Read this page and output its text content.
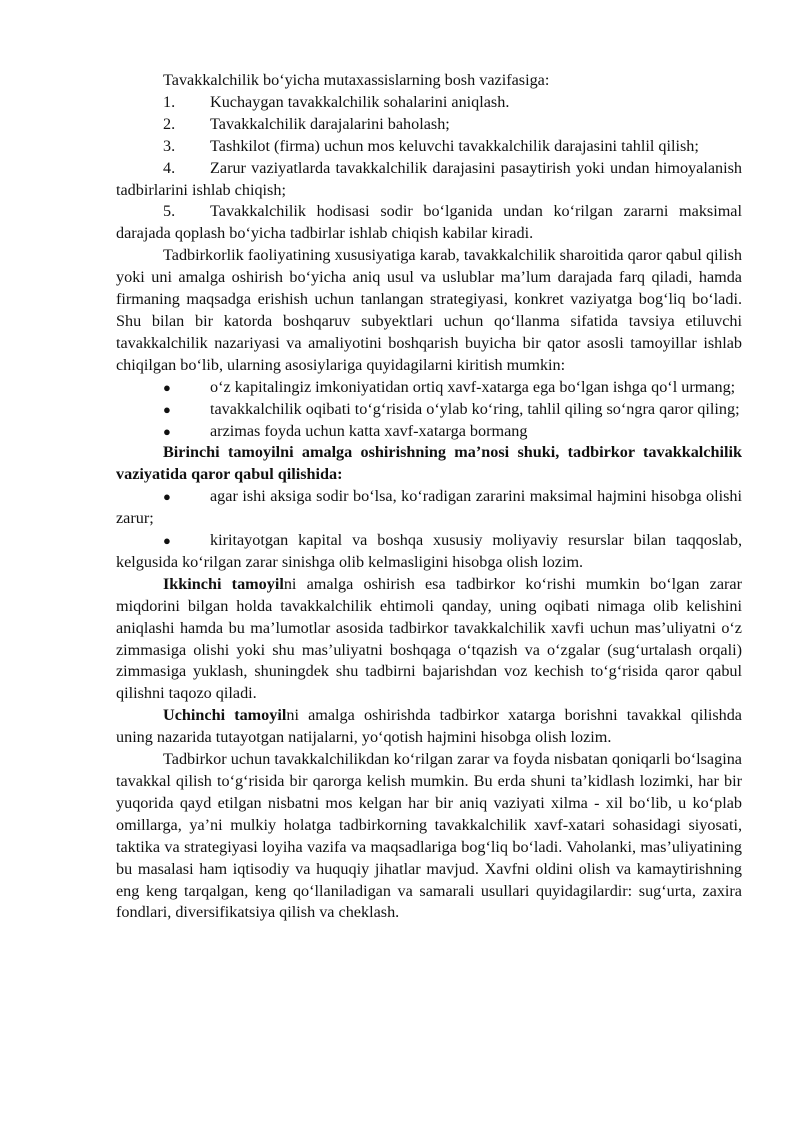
Tavakkalchilik bo‘yicha mutaxassislarning bosh vazifasiga:

1. Kuchaygan tavakkalchilik sohalarini aniqlash.

2. Tavakkalchilik darajalarini baholash;

3. Tashkilot (firma) uchun mos keluvchi tavakkalchilik darajasini tahlil qilish;

4. Zarur vaziyatlarda tavakkalchilik darajasini pasaytirish yoki undan himoyalanish tadbirlarini ishlab chiqish;

5. Tavakkalchilik hodisasi sodir bo‘lganida undan ko‘rilgan zararni maksimal darajada qoplash bo‘yicha tadbirlar ishlab chiqish kabilar kiradi.

Tadbirkorlik faoliyatining xususiyatiga karab, tavakkalchilik sharoitida qaror qabul qilish yoki uni amalga oshirish bo‘yicha aniq usul va uslublar ma’lum darajada farq qiladi, hamda firmaning maqsadga erishish uchun tanlangan strategiyasi, konkret vaziyatga bog‘liq bo‘ladi. Shu bilan bir katorda boshqaruv subyektlari uchun qo‘llanma sifatida tavsiya etiluvchi tavakkalchilik nazariyasi va amaliyotini boshqarish buyicha bir qator asosli tamoyillar ishlab chiqilgan bo‘lib, ularning asosiylariga quyidagilarni kiritish mumkin:

● o‘z kapitalingiz imkoniyatidan ortiq xavf-xatarga ega bo‘lgan ishga qo‘l urmang;

● tavakkalchilik oqibati to‘g‘risida o‘ylab ko‘ring, tahlil qiling so‘ngra qaror qiling;

● arzimas foyda uchun katta xavf-xatarga bormang

Birinchi tamoyilni amalga oshirishning ma’nosi shuki, tadbirkor tavakkalchilik vaziyatida qaror qabul qilishida:

● agar ishi aksiga sodir bo‘lsa, ko‘radigan zararini maksimal hajmini hisobga olishi zarur;

● kiritayotgan kapital va boshqa xususiy moliyaviy resurslar bilan taqqoslab, kelgusida ko‘rilgan zarar sinishga olib kelmasligini hisobga olish lozim.

Ikkinchi tamoyilni amalga oshirish esa tadbirkor ko‘rishi mumkin bo‘lgan zarar miqdorini bilgan holda tavakkalchilik ehtimoli qanday, uning oqibati nimaga olib kelishini aniqlashi hamda bu ma’lumotlar asosida tadbirkor tavakkalchilik xavfi uchun mas’uliyatni o‘z zimmasiga olishi yoki shu mas’uliyatni boshqaga o‘tqazish va o‘zgalar (sug‘urtalash orqali) zimmasiga yuklash, shuningdek shu tadbirni bajarishdan voz kechish to‘g‘risida qaror qabul qilishni taqozo qiladi.

Uchinchi tamoyilni amalga oshirishda tadbirkor xatarga borishni tavakkal qilishda uning nazarida tutayotgan natijalarni, yo‘qotish hajmini hisobga olish lozim.

Tadbirkor uchun tavakkalchilikdan ko‘rilgan zarar va foyda nisbatan qoniqarli bo‘lsagina tavakkal qilish to‘g‘risida bir qarorga kelish mumkin. Bu erda shuni ta’kidlash lozimki, har bir yuqorida qayd etilgan nisbatni mos kelgan har bir aniq vaziyati xilma - xil bo‘lib, u ko‘plab omillarga, ya’ni mulkiy holatga tadbirkorning tavakkalchilik xavf-xatari sohasidagi siyosati, taktika va strategiyasi loyiha vazifa va maqsadlariga bog‘liq bo‘ladi. Vaholanki, mas’uliyatining bu masalasi ham iqtisodiy va huquqiy jihatlar mavjud. Xavfni oldini olish va kamaytirishning eng keng tarqalgan, keng qo‘llaniladigan va samarali usullari quyidagilardir: sug‘urta, zaxira fondlari, diversifikatsiya qilish va cheklash.
